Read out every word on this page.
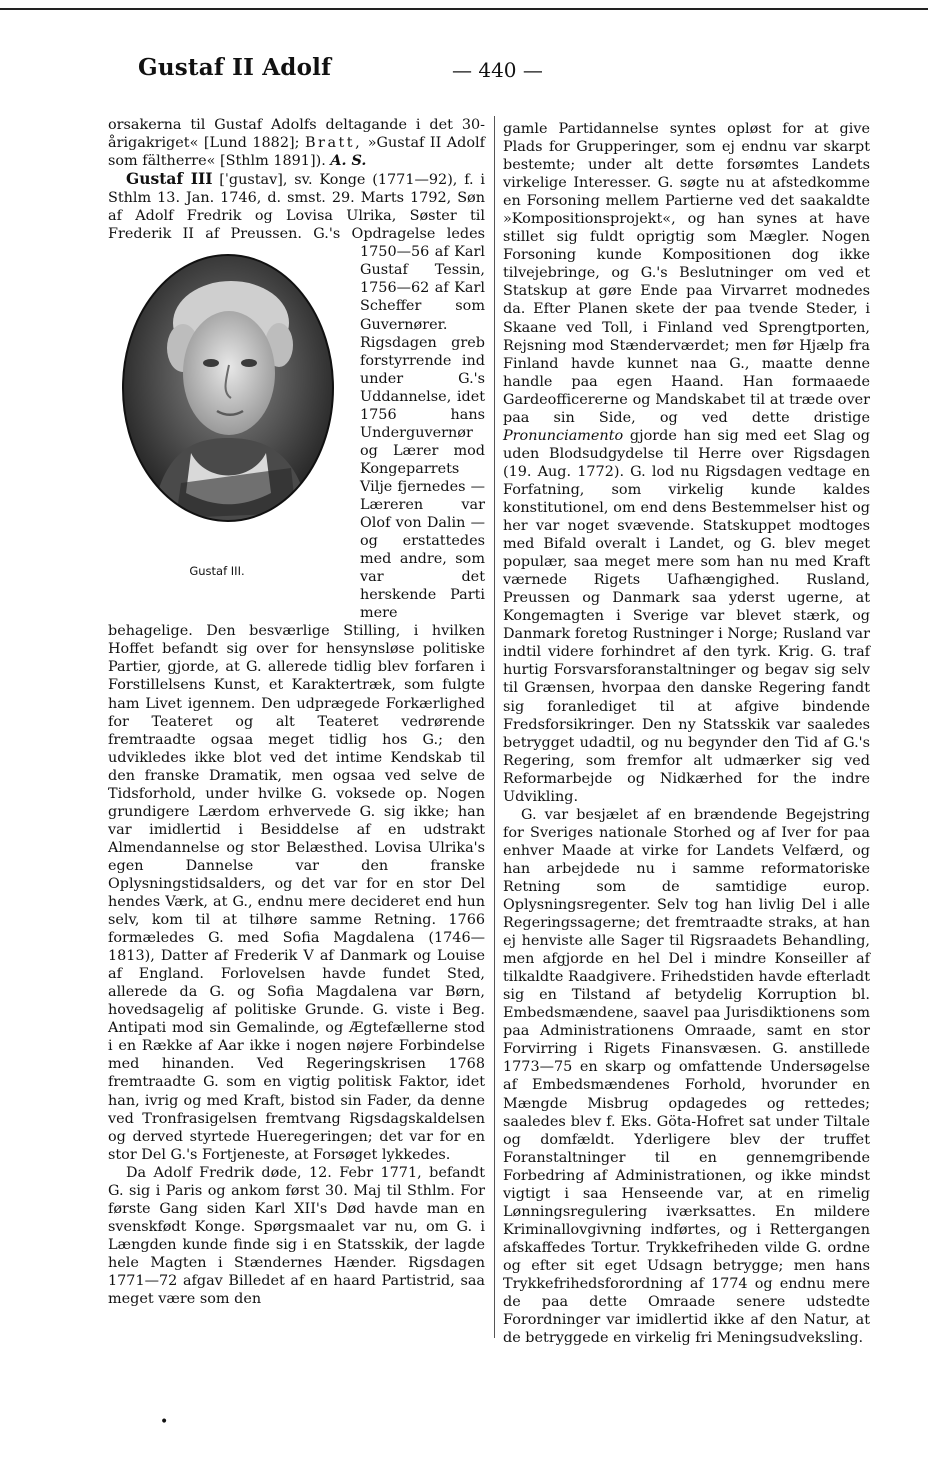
Gustaf II Adolf	— 440 —

orsakerna til Gustaf Adolfs deltagande i det 30-årigakriget« [Lund 1882]; Bratt, »Gustaf II Adolf som fältherre« [Sthlm 1891]). A. S.

Gustaf III [ˈgustav], sv. Konge (1771—92), f. i Sthlm 13. Jan. 1746, d. smst. 29. Marts 1792, Søn af Adolf Fredrik og Lovisa Ulrika, Søster til Frederik II af Preussen. G.'s
Gustaf III.
Opdragelse ledes 1750—56 af Karl Gustaf Tessin, 1756—62 af Karl Scheffer som Guvernører. Rigsdagen greb forstyrrende ind under G.'s Uddannelse, idet 1756 hans Underguvernør og Lærer mod Kongeparrets Vilje fjernedes — Læreren var Olof von Dalin — og erstattedes med andre, som var det herskende Parti mere behagelige. Den besværlige Stilling, i hvilken Hoffet befandt sig over for hensynsløse politiske Partier, gjorde, at G. allerede tidlig blev forfaren i Forstillelsens Kunst, et Karaktertræk, som fulgte ham Livet igennem. Den udprægede Forkærlighed for Teateret og alt Teateret vedrørende fremtraadte ogsaa meget tidlig hos G.; den udvikledes ikke blot ved det intime Kendskab til den franske Dramatik, men ogsaa ved selve de Tidsforhold, under hvilke G. voksede op. Nogen grundigere Lærdom erhvervede G. sig ikke; han var imidlertid i Besiddelse af en udstrakt Almendannelse og stor Belæsthed. Lovisa Ulrika's egen Dannelse var den franske Oplysningstidsalders, og det var for en stor Del hendes Værk, at G., endnu mere decideret end hun selv, kom til at tilhøre samme Retning. 1766 formæledes G. med Sofia Magdalena (1746—1813), Datter af Frederik V af Danmark og Louise af England. Forlovelsen havde fundet Sted, allerede da G. og Sofia Magdalena var Børn, hovedsagelig af politiske Grunde. G. viste i Beg. Antipati mod sin Gemalinde, og Ægtefællerne stod i en Række af Aar ikke i nogen nøjere Forbindelse med hinanden. Ved Regeringskrisen 1768 fremtraadte G. som en vigtig politisk Faktor, idet han, ivrig og med Kraft, bistod sin Fader, da denne ved Tronfrasigelsen fremtvang Rigsdagskaldelsen og derved styrtede Hueregeringen; det var for en stor Del G.'s Fortjeneste, at Forsøget lykkedes.

Da Adolf Fredrik døde, 12. Febr 1771, befandt G. sig i Paris og ankom først 30. Maj til Sthlm. For første Gang siden Karl XII's Død havde man en svenskfødt Konge. Spørgsmaalet var nu, om G. i Længden kunde finde sig i en Statsskik, der lagde hele Magten i Stændernes Hænder. Rigsdagen 1771—72 afgav Billedet af en haard Partistrid, saa meget være som den

gamle Partidannelse syntes opløst for at give Plads for Grupperinger, som ej endnu var skarpt bestemte; under alt dette forsømtes Landets virkelige Interesser. G. søgte nu at afstedkomme en Forsoning mellem Partierne ved det saakaldte »Kompositionsprojekt«, og han synes at have stillet sig fuldt oprigtig som Mægler. Nogen Forsoning kunde Kompositionen dog ikke tilvejebringe, og G.'s Beslutninger om ved et Statskup at gøre Ende paa Virvarret modnedes da. Efter Planen skete der paa tvende Steder, i Skaane ved Toll, i Finland ved Sprengtporten, Rejsning mod Stænderværdet; men før Hjælp fra Finland havde kunnet naa G., maatte denne handle paa egen Haand. Han formaaede Gardeofficererne og Mandskabet til at træde over paa sin Side, og ved dette dristige Pronunciamento gjorde han sig med eet Slag og uden Blodsudgydelse til Herre over Rigsdagen (19. Aug. 1772). G. lod nu Rigsdagen vedtage en Forfatning, som virkelig kunde kaldes konstitutionel, om end dens Bestemmelser hist og her var noget svævende. Statskuppet modtoges med Bifald overalt i Landet, og G. blev meget populær, saa meget mere som han nu med Kraft værnede Rigets Uafhængighed. Rusland, Preussen og Danmark saa yderst ugerne, at Kongemagten i Sverige var blevet stærk, og Danmark foretog Rustninger i Norge; Rusland var indtil videre forhindret af den tyrk. Krig. G. traf hurtig Forsvarsforanstaltninger og begav sig selv til Grænsen, hvorpaa den danske Regering fandt sig foranlediget til at afgive bindende Fredsforsikringer. Den ny Statsskik var saaledes betrygget udadtil, og nu begynder den Tid af G.'s Regering, som fremfor alt udmærker sig ved Reformarbejde og Nidkærhed for the indre Udvikling.

G. var besjælet af en brændende Begejstring for Sveriges nationale Storhed og af Iver for paa enhver Maade at virke for Landets Velfærd, og han arbejdede nu i samme reformatoriske Retning som de samtidige europ. Oplysningsregenter. Selv tog han livlig Del i alle Regeringssagerne; det fremtraadte straks, at han ej henviste alle Sager til Rigsraadets Behandling, men afgjorde en hel Del i mindre Konseiller af tilkaldte Raadgivere. Frihedstiden havde efterladt sig en Tilstand af betydelig Korruption bl. Embedsmændene, saavel paa Jurisdiktionens som paa Administrationens Omraade, samt en stor Forvirring i Rigets Finansvæsen. G. anstillede 1773—75 en skarp og omfattende Undersøgelse af Embedsmændenes Forhold, hvorunder en Mængde Misbrug opdagedes og rettedes; saaledes blev f. Eks. Göta-Hofret sat under Tiltale og domfældt. Yderligere blev der truffet Foranstaltninger til en gennemgribende Forbedring af Administrationen, og ikke mindst vigtigt i saa Henseende var, at en rimelig Lønningsregulering iværksattes. En mildere Kriminallovgivning indførtes, og i Rettergangen afskaffedes Tortur. Trykkefriheden vilde G. ordne og efter sit eget Udsagn betrygge; men hans Trykkefrihedsforordning af 1774 og endnu mere de paa dette Omraade senere udstedte Forordninger var imidlertid ikke af den Natur, at de betryggede en virkelig fri Meningsudveksling.

•
